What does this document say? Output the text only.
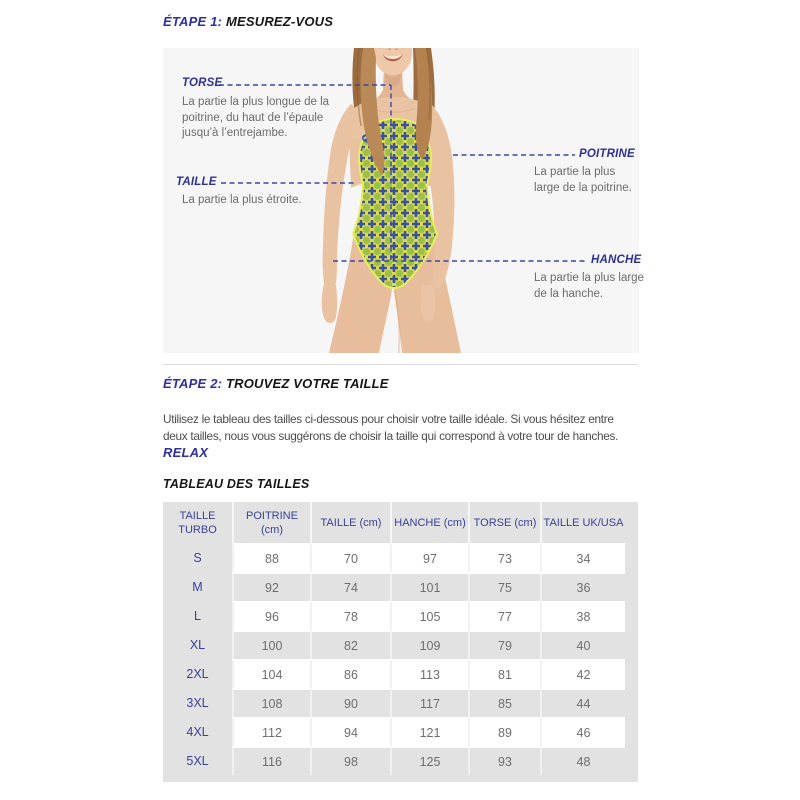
ÉTAPE 1: MESUREZ-VOUS
TORSE
La partie la plus longue de la
poitrine, du haut de l’épaule
jusqu’à l’entrejambe.
POITRINE
La partie la plus
large de la poitrine.
TAILLE
La partie la plus étroite.
HANCHE
La partie la plus large
de la hanche.
ÉTAPE 2: TROUVEZ VOTRE TAILLE

Utilisez le tableau des tailles ci-dessous pour choisir votre taille idéale. Si vous hésitez entre
deux tailles, nous vous suggérons de choisir la taille qui correspond à votre tour de hanches.

RELAX
TABLEAU DES TAILLES
TAILLE TURBO	POITRINE (cm)	TAILLE (cm)	HANCHE (cm)	TORSE (cm)	TAILLE UK/USA
S	88	70	97	73	34
M	92	74	101	75	36
L	96	78	105	77	38
XL	100	82	109	79	40
2XL	104	86	113	81	42
3XL	108	90	117	85	44
4XL	112	94	121	89	46
5XL	116	98	125	93	48
